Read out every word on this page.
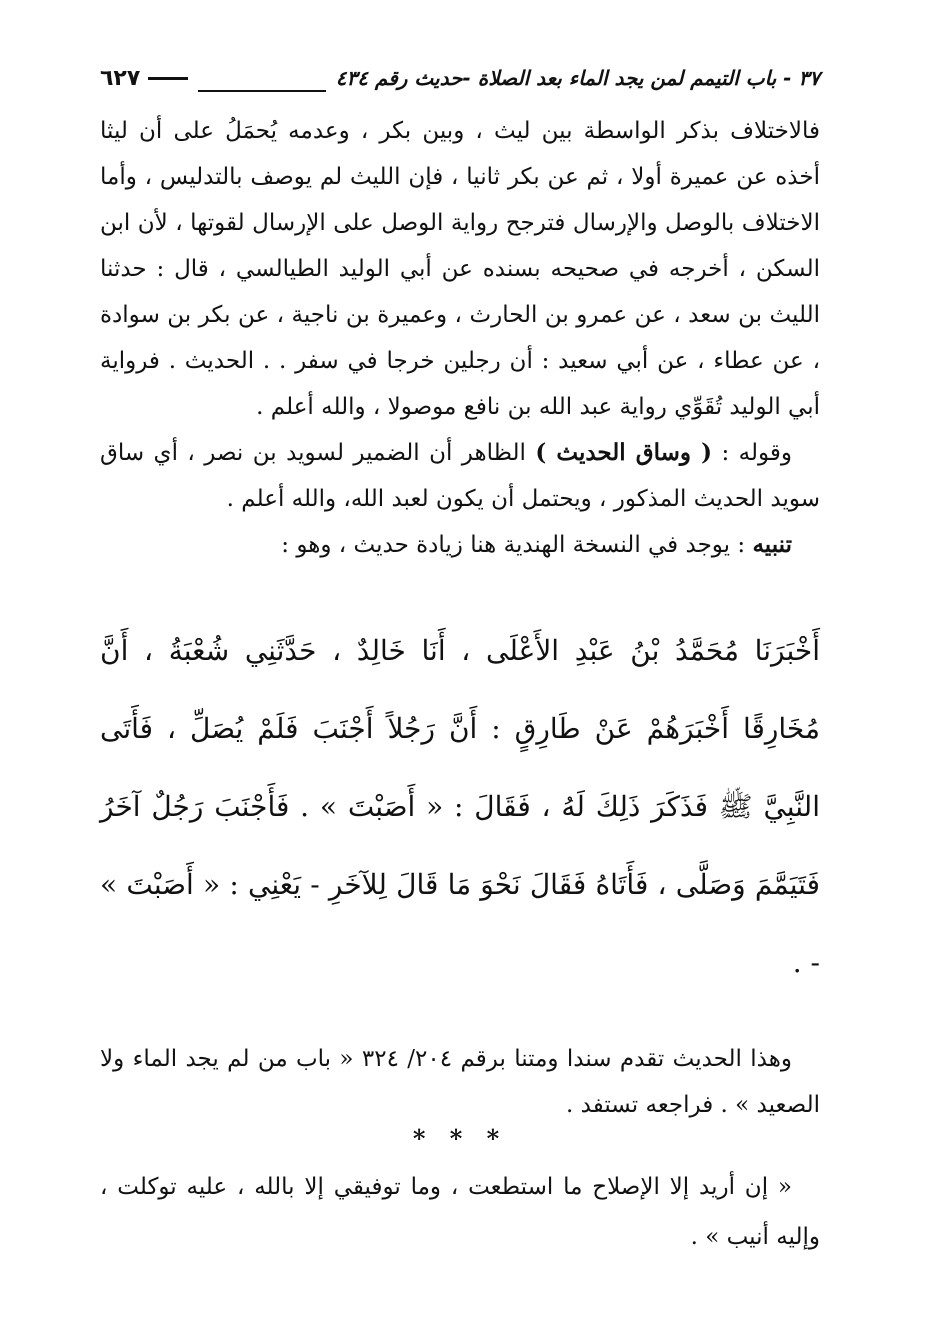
٣٧ - باب التيمم لمن يجد الماء بعد الصلاة -حديث رقم ٤٣٤
٦٢٧

فالاختلاف بذكر الواسطة بين ليث ، وبين بكر ، وعدمه يُحمَلُ على أن ليثا أخذه عن عميرة أولا ، ثم عن بكر ثانيا ، فإن الليث لم يوصف بالتدليس ، وأما الاختلاف بالوصل والإرسال فترجح رواية الوصل على الإرسال لقوتها ، لأن ابن السكن ، أخرجه في صحيحه بسنده عن أبي الوليد الطيالسي ، قال : حدثنا الليث بن سعد ، عن عمرو بن الحارث ، وعميرة بن ناجية ، عن بكر بن سوادة ، عن عطاء ، عن أبي سعيد : أن رجلين خرجا في سفر . . الحديث . فرواية أبي الوليد تُقَوِّي رواية عبد الله بن نافع موصولا ، والله أعلم .

وقوله : ( وساق الحديث ) الظاهر أن الضمير لسويد بن نصر ، أي ساق سويد الحديث المذكور ، ويحتمل أن يكون لعبد الله، والله أعلم .

تنبيه : يوجد في النسخة الهندية هنا زيادة حديث ، وهو :

أَخْبَرَنَا مُحَمَّدُ بْنُ عَبْدِ الأَعْلَى ، أَنَا خَالِدٌ ، حَدَّثَنِي شُعْبَةُ ، أَنَّ مُخَارِقًا أَخْبَرَهُمْ عَنْ طَارِقٍ : أَنَّ رَجُلاً أَجْنَبَ فَلَمْ يُصَلِّ ، فَأَتَى النَّبِيَّ ﷺ فَذَكَرَ ذَلِكَ لَهُ ، فَقَالَ : « أَصَبْتَ » . فَأَجْنَبَ رَجُلٌ آخَرُ فَتَيَمَّمَ وَصَلَّى ، فَأَتَاهُ فَقَالَ نَحْوَ مَا قَالَ لِلآخَرِ - يَعْنِي : « أَصَبْتَ » - .

وهذا الحديث تقدم سندا ومتنا برقم ٢٠٤/ ٣٢٤ « باب من لم يجد الماء ولا الصعيد » . فراجعه تستفد .

* * *

« إن أريد إلا الإصلاح ما استطعت ، وما توفيقي إلا بالله ، عليه توكلت ، وإليه أنيب » .
